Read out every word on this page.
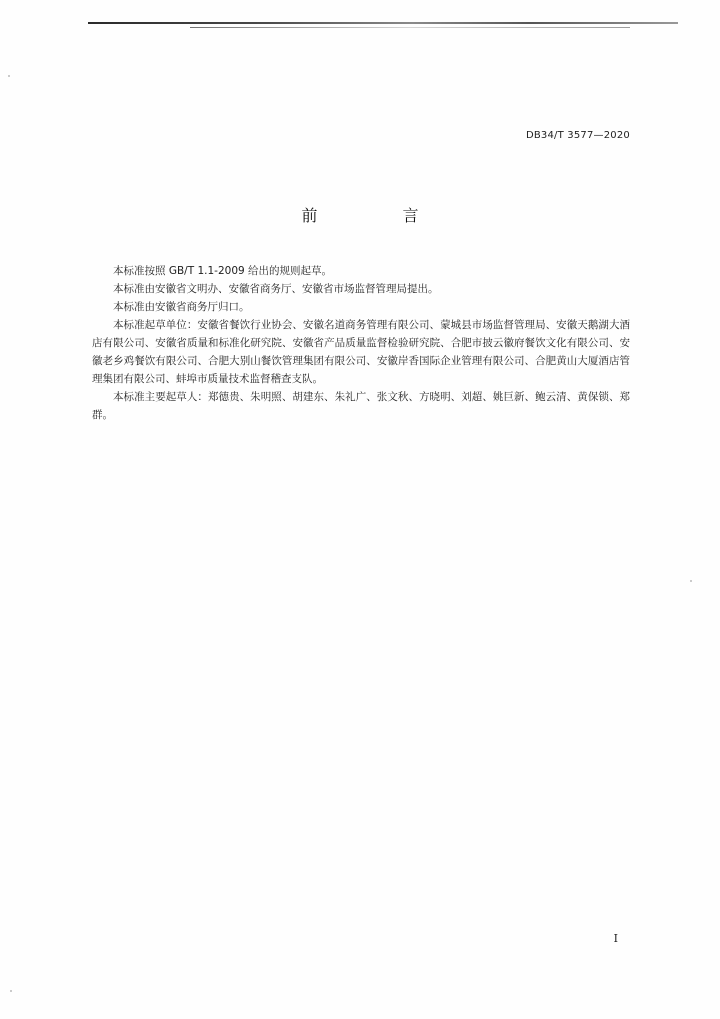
DB34/T 3577—2020
前 言

本标准按照 GB/T 1.1-2009 给出的规则起草。

本标准由安徽省文明办、安徽省商务厅、安徽省市场监督管理局提出。

本标准由安徽省商务厅归口。

本标准起草单位：安徽省餐饮行业协会、安徽名道商务管理有限公司、蒙城县市场监督管理局、安徽天鹅湖大酒店有限公司、安徽省质量和标准化研究院、安徽省产品质量监督检验研究院、合肥市披云徽府餐饮文化有限公司、安徽老乡鸡餐饮有限公司、合肥大别山餐饮管理集团有限公司、安徽岸香国际企业管理有限公司、合肥黄山大厦酒店管理集团有限公司、蚌埠市质量技术监督稽查支队。

本标准主要起草人：郑德贵、朱明照、胡建东、朱礼广、张文秋、方晓明、刘超、姚巨新、鲍云清、黄保锁、郑群。

I
